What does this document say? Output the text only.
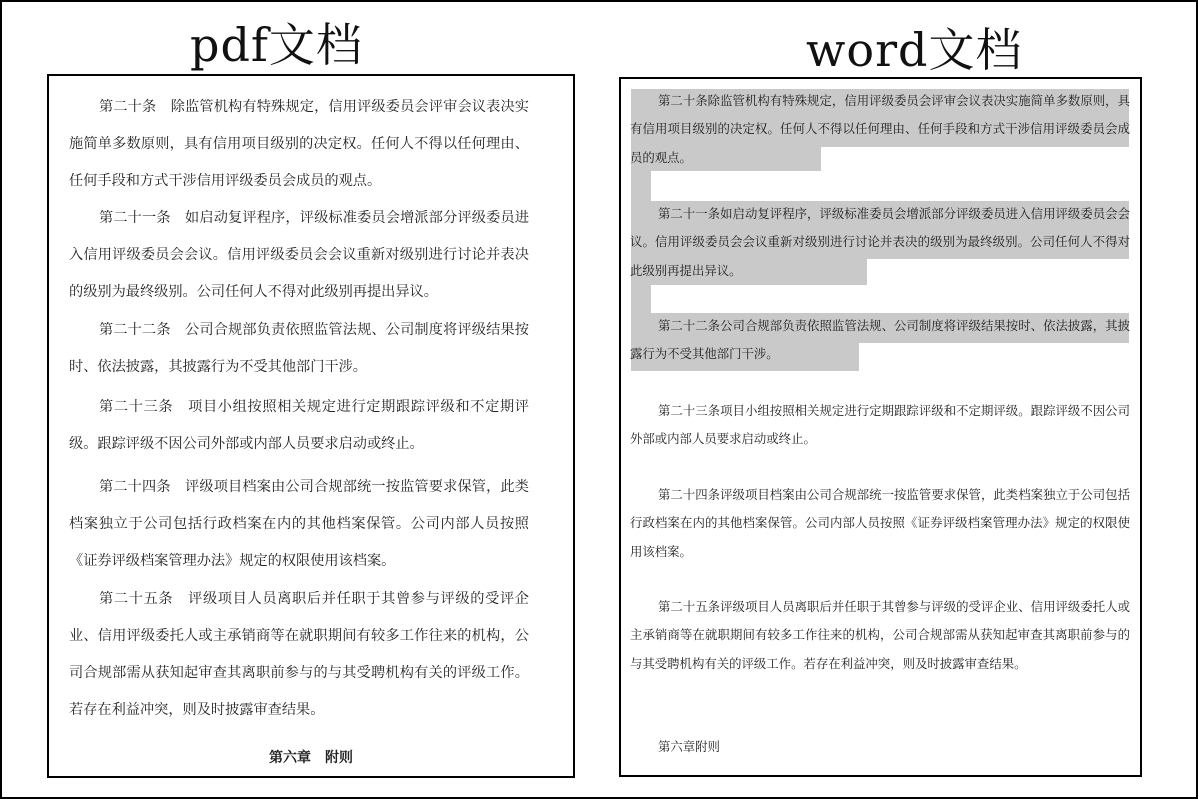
pdf文档	word文档

第二十条　除监管机构有特殊规定，信用评级委员会评审会议表决实施简单多数原则，具有信用项目级别的决定权。任何人不得以任何理由、任何手段和方式干涉信用评级委员会成员的观点。

第二十一条　如启动复评程序，评级标准委员会增派部分评级委员进入信用评级委员会会议。信用评级委员会会议重新对级别进行讨论并表决的级别为最终级别。公司任何人不得对此级别再提出异议。

第二十二条　公司合规部负责依照监管法规、公司制度将评级结果按时、依法披露，其披露行为不受其他部门干涉。

第二十三条　项目小组按照相关规定进行定期跟踪评级和不定期评级。跟踪评级不因公司外部或内部人员要求启动或终止。

第二十四条　评级项目档案由公司合规部统一按监管要求保管，此类档案独立于公司包括行政档案在内的其他档案保管。公司内部人员按照《证券评级档案管理办法》规定的权限使用该档案。

第二十五条　评级项目人员离职后并任职于其曾参与评级的受评企业、信用评级委托人或主承销商等在就职期间有较多工作往来的机构，公司合规部需从获知起审查其离职前参与的与其受聘机构有关的评级工作。若存在利益冲突，则及时披露审查结果。

第六章　附则

第二十条除监管机构有特殊规定，信用评级委员会评审会议表决实施简单多数原则，具有信用项目级别的决定权。任何人不得以任何理由、任何手段和方式干涉信用评级委员会成员的观点。

第二十一条如启动复评程序，评级标准委员会增派部分评级委员进入信用评级委员会会议。信用评级委员会会议重新对级别进行讨论并表决的级别为最终级别。公司任何人不得对此级别再提出异议。

第二十二条公司合规部负责依照监管法规、公司制度将评级结果按时、依法披露，其披露行为不受其他部门干涉。

第二十三条项目小组按照相关规定进行定期跟踪评级和不定期评级。跟踪评级不因公司外部或内部人员要求启动或终止。

第二十四条评级项目档案由公司合规部统一按监管要求保管，此类档案独立于公司包括行政档案在内的其他档案保管。公司内部人员按照《证券评级档案管理办法》规定的权限使用该档案。

第二十五条评级项目人员离职后并任职于其曾参与评级的受评企业、信用评级委托人或主承销商等在就职期间有较多工作往来的机构，公司合规部需从获知起审查其离职前参与的与其受聘机构有关的评级工作。若存在利益冲突，则及时披露审查结果。

第六章附则
